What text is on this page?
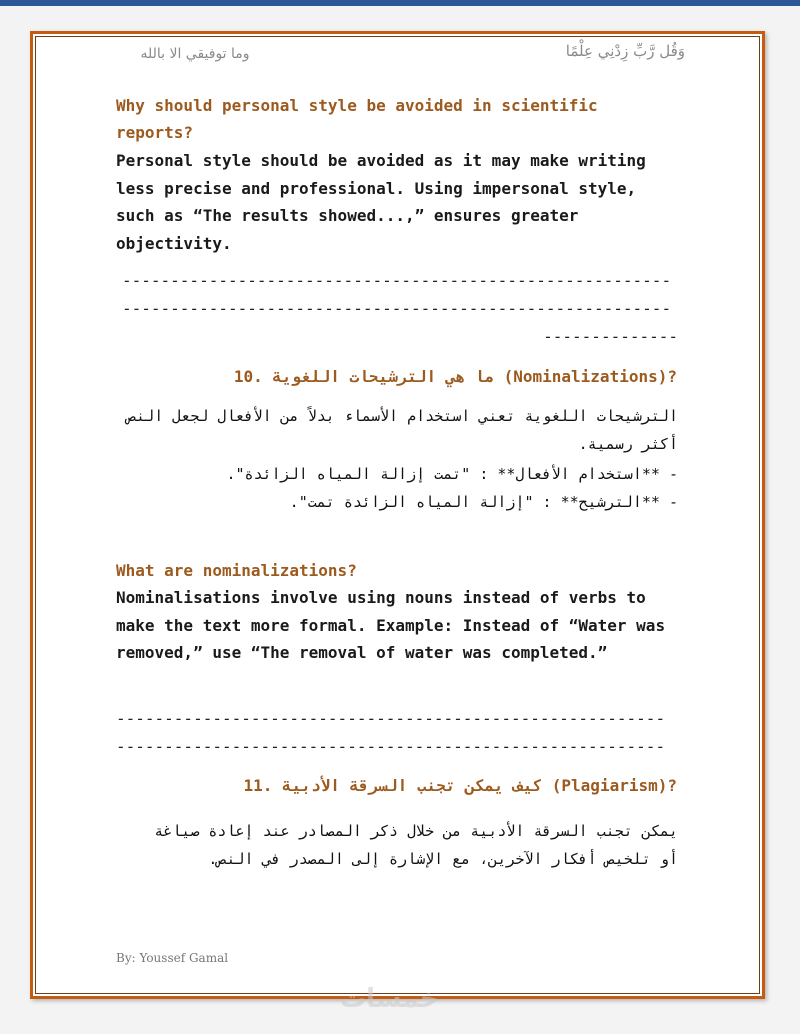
وَقُل رَّبِّ زِدْنِي عِلْمًا
وما توفيقي الا بالله
Why should personal style be avoided in scientific reports?
Personal style should be avoided as it may make writing less precise and professional. Using impersonal style, such as “The results showed...,” ensures greater objectivity.
---------------------------------------------------------
---------------------------------------------------------
--------------
10. ما هي الترشيحات اللغوية (Nominalizations)?
الترشيحات اللغوية تعني استخدام الأسماء بدلاً من الأفعال لجعل النص أكثر رسمية.
- **استخدام الأفعال** : "تمت إزالة المياه الزائدة".
- **الترشيح** : "إزالة المياه الزائدة تمت".
What are nominalizations?
Nominalisations involve using nouns instead of verbs to make the text more formal. Example: Instead of “Water was removed,” use “The removal of water was completed.”
---------------------------------------------------------
---------------------------------------------------------
11. كيف يمكن تجنب السرقة الأدبية (Plagiarism)?
يمكن تجنب السرقة الأدبية من خلال ذكر المصادر عند إعادة صياغة أو تلخيص أفكار الآخرين، مع الإشارة إلى المصدر في النص.
By: Youssef Gamal
خمسات
